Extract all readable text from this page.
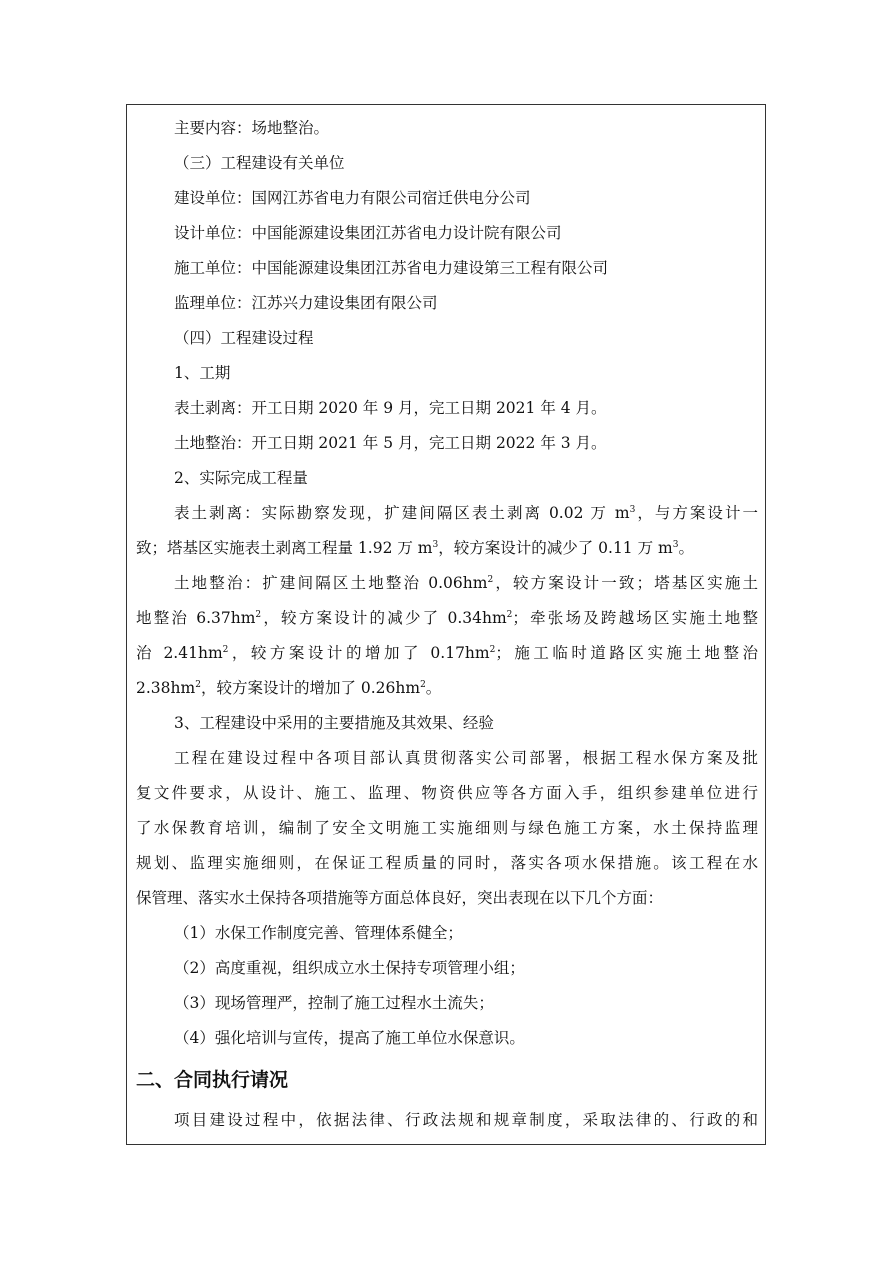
主要内容：场地整治。
（三）工程建设有关单位
建设单位：国网江苏省电力有限公司宿迁供电分公司
设计单位：中国能源建设集团江苏省电力设计院有限公司
施工单位：中国能源建设集团江苏省电力建设第三工程有限公司
监理单位：江苏兴力建设集团有限公司
（四）工程建设过程
1、工期
表土剥离：开工日期 2020 年 9 月，完工日期 2021 年 4 月。
土地整治：开工日期 2021 年 5 月，完工日期 2022 年 3 月。
2、实际完成工程量
表土剥离：实际勘察发现，扩建间隔区表土剥离 0.02 万 $m^3$，与方案设计一
致；塔基区实施表土剥离工程量 1.92 万 $m^3$，较方案设计的减少了 0.11 万 $m^3$。
土地整治：扩建间隔区土地整治 $0.06hm^2$，较方案设计一致；塔基区实施土
地整治 $6.37hm^2$，较方案设计的减少了 $0.34hm^2$；牵张场及跨越场区实施土地整
治 $2.41hm^2$，较方案设计的增加了 $0.17hm^2$；施工临时道路区实施土地整治
$2.38hm^2$，较方案设计的增加了 $0.26hm^2$。
3、工程建设中采用的主要措施及其效果、经验
工程在建设过程中各项目部认真贯彻落实公司部署，根据工程水保方案及批
复文件要求，从设计、施工、监理、物资供应等各方面入手，组织参建单位进行
了水保教育培训，编制了安全文明施工实施细则与绿色施工方案，水土保持监理
规划、监理实施细则，在保证工程质量的同时，落实各项水保措施。该工程在水
保管理、落实水土保持各项措施等方面总体良好，突出表现在以下几个方面：
（1）水保工作制度完善、管理体系健全；
（2）高度重视，组织成立水土保持专项管理小组；
（3）现场管理严，控制了施工过程水土流失；
（4）强化培训与宣传，提高了施工单位水保意识。
二、合同执行请况
项目建设过程中，依据法律、行政法规和规章制度，采取法律的、行政的和
